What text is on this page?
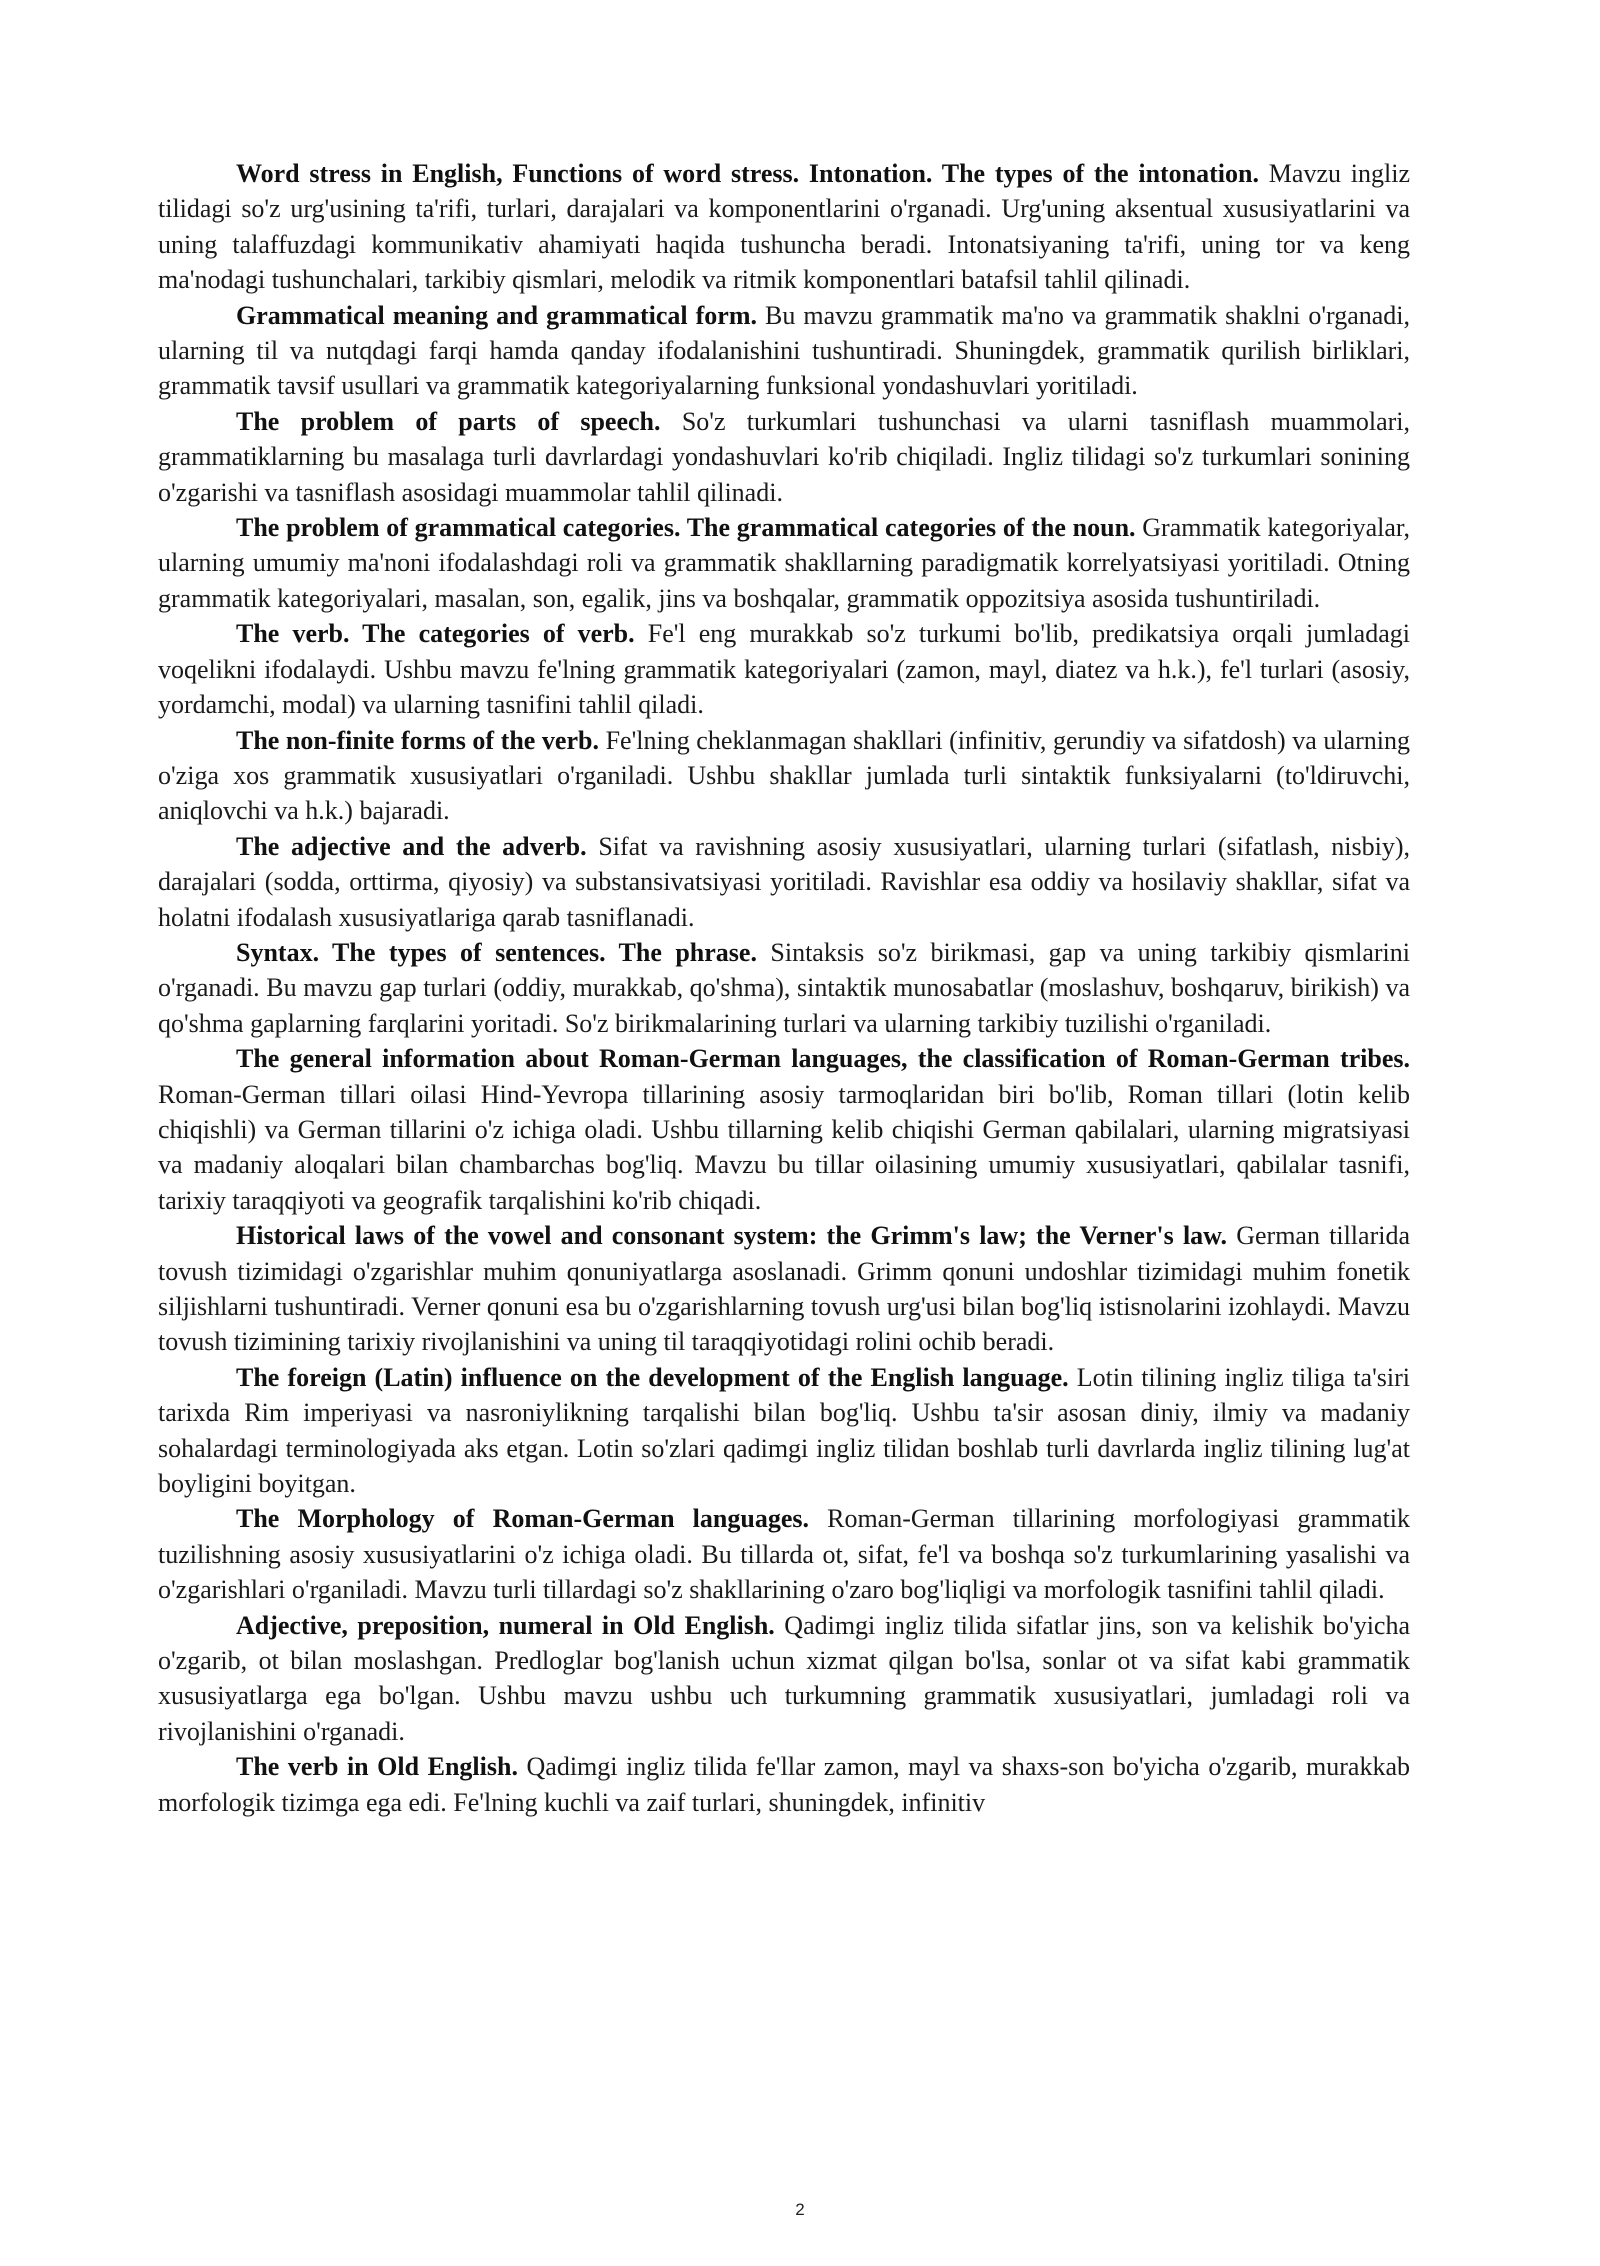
Word stress in English, Functions of word stress. Intonation. The types of the intonation. Mavzu ingliz tilidagi so'z urg'usining ta'rifi, turlari, darajalari va komponentlarini o'rganadi. Urg'uning aksentual xususiyatlarini va uning talaffuzdagi kommunikativ ahamiyati haqida tushuncha beradi. Intonatsiyaning ta'rifi, uning tor va keng ma'nodagi tushunchalari, tarkibiy qismlari, melodik va ritmik komponentlari batafsil tahlil qilinadi.

Grammatical meaning and grammatical form. Bu mavzu grammatik ma'no va grammatik shaklni o'rganadi, ularning til va nutqdagi farqi hamda qanday ifodalanishini tushuntiradi. Shuningdek, grammatik qurilish birliklari, grammatik tavsif usullari va grammatik kategoriyalarning funksional yondashuvlari yoritiladi.

The problem of parts of speech. So'z turkumlari tushunchasi va ularni tasniflash muammolari, grammatiklarning bu masalaga turli davrlardagi yondashuvlari ko'rib chiqiladi. Ingliz tilidagi so'z turkumlari sonining o'zgarishi va tasniflash asosidagi muammolar tahlil qilinadi.

The problem of grammatical categories. The grammatical categories of the noun. Grammatik kategoriyalar, ularning umumiy ma'noni ifodalashdagi roli va grammatik shakllarning paradigmatik korrelyatsiyasi yoritiladi. Otning grammatik kategoriyalari, masalan, son, egalik, jins va boshqalar, grammatik oppozitsiya asosida tushuntiriladi.

The verb. The categories of verb. Fe'l eng murakkab so'z turkumi bo'lib, predikatsiya orqali jumladagi voqelikni ifodalaydi. Ushbu mavzu fe'lning grammatik kategoriyalari (zamon, mayl, diatez va h.k.), fe'l turlari (asosiy, yordamchi, modal) va ularning tasnifini tahlil qiladi.

The non-finite forms of the verb. Fe'lning cheklanmagan shakllari (infinitiv, gerundiy va sifatdosh) va ularning o'ziga xos grammatik xususiyatlari o'rganiladi. Ushbu shakllar jumlada turli sintaktik funksiyalarni (to'ldiruvchi, aniqlovchi va h.k.) bajaradi.

The adjective and the adverb. Sifat va ravishning asosiy xususiyatlari, ularning turlari (sifatlash, nisbiy), darajalari (sodda, orttirma, qiyosiy) va substansivatsiyasi yoritiladi. Ravishlar esa oddiy va hosilaviy shakllar, sifat va holatni ifodalash xususiyatlariga qarab tasniflanadi.

Syntax. The types of sentences. The phrase. Sintaksis so'z birikmasi, gap va uning tarkibiy qismlarini o'rganadi. Bu mavzu gap turlari (oddiy, murakkab, qo'shma), sintaktik munosabatlar (moslashuv, boshqaruv, birikish) va qo'shma gaplarning farqlarini yoritadi. So'z birikmalarining turlari va ularning tarkibiy tuzilishi o'rganiladi.

The general information about Roman-German languages, the classification of Roman-German tribes. Roman-German tillari oilasi Hind-Yevropa tillarining asosiy tarmoqlaridan biri bo'lib, Roman tillari (lotin kelib chiqishli) va German tillarini o'z ichiga oladi. Ushbu tillarning kelib chiqishi German qabilalari, ularning migratsiyasi va madaniy aloqalari bilan chambarchas bog'liq. Mavzu bu tillar oilasining umumiy xususiyatlari, qabilalar tasnifi, tarixiy taraqqiyoti va geografik tarqalishini ko'rib chiqadi.

Historical laws of the vowel and consonant system: the Grimm's law; the Verner's law. German tillarida tovush tizimidagi o'zgarishlar muhim qonuniyatlarga asoslanadi. Grimm qonuni undoshlar tizimidagi muhim fonetik siljishlarni tushuntiradi. Verner qonuni esa bu o'zgarishlarning tovush urg'usi bilan bog'liq istisnolarini izohlaydi. Mavzu tovush tizimining tarixiy rivojlanishini va uning til taraqqiyotidagi rolini ochib beradi.

The foreign (Latin) influence on the development of the English language. Lotin tilining ingliz tiliga ta'siri tarixda Rim imperiyasi va nasroniylikning tarqalishi bilan bog'liq. Ushbu ta'sir asosan diniy, ilmiy va madaniy sohalardagi terminologiyada aks etgan. Lotin so'zlari qadimgi ingliz tilidan boshlab turli davrlarda ingliz tilining lug'at boyligini boyitgan.

The Morphology of Roman-German languages. Roman-German tillarining morfologiyasi grammatik tuzilishning asosiy xususiyatlarini o'z ichiga oladi. Bu tillarda ot, sifat, fe'l va boshqa so'z turkumlarining yasalishi va o'zgarishlari o'rganiladi. Mavzu turli tillardagi so'z shakllarining o'zaro bog'liqligi va morfologik tasnifini tahlil qiladi.

Adjective, preposition, numeral in Old English. Qadimgi ingliz tilida sifatlar jins, son va kelishik bo'yicha o'zgarib, ot bilan moslashgan. Predloglar bog'lanish uchun xizmat qilgan bo'lsa, sonlar ot va sifat kabi grammatik xususiyatlarga ega bo'lgan. Ushbu mavzu ushbu uch turkumning grammatik xususiyatlari, jumladagi roli va rivojlanishini o'rganadi.

The verb in Old English. Qadimgi ingliz tilida fe'llar zamon, mayl va shaxs-son bo'yicha o'zgarib, murakkab morfologik tizimga ega edi. Fe'lning kuchli va zaif turlari, shuningdek, infinitiv

2
